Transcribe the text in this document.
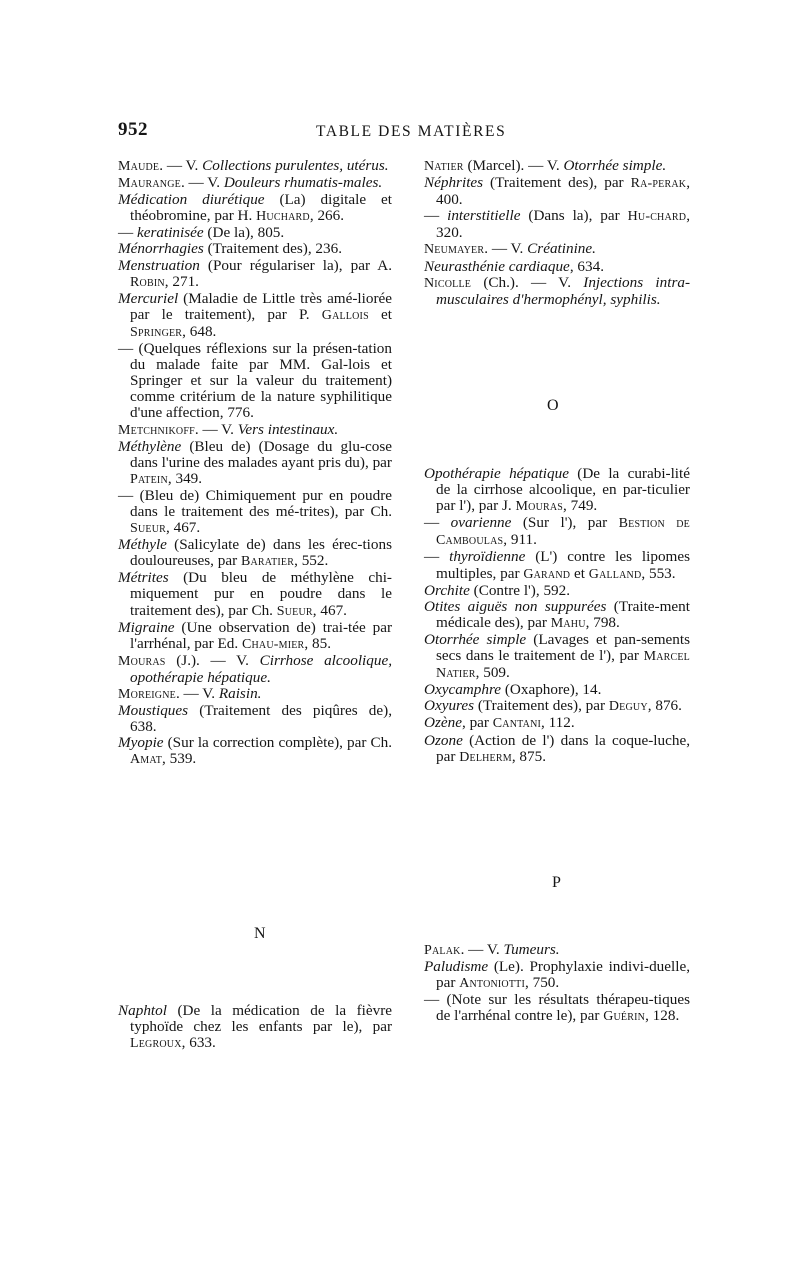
952	TABLE DES MATIÈRES

Maude. — V. Collections purulentes, utérus.

Maurange. — V. Douleurs rhumatis-males.

Médication diurétique (La) digitale et théobromine, par H. Huchard, 266.

— keratinisée (De la), 805.

Ménorrhagies (Traitement des), 236.

Menstruation (Pour régulariser la), par A. Robin, 271.

Mercuriel (Maladie de Little très amé-liorée par le traitement), par P. Gallois et Springer, 648.

— (Quelques réflexions sur la présen-tation du malade faite par MM. Gal-lois et Springer et sur la valeur du traitement) comme critérium de la nature syphilitique d'une affection, 776.

Metchnikoff. — V. Vers intestinaux.

Méthylène (Bleu de) (Dosage du glu-cose dans l'urine des malades ayant pris du), par Patein, 349.

— (Bleu de) Chimiquement pur en poudre dans le traitement des mé-trites), par Ch. Sueur, 467.

Méthyle (Salicylate de) dans les érec-tions douloureuses, par Baratier, 552.

Métrites (Du bleu de méthylène chi-miquement pur en poudre dans le traitement des), par Ch. Sueur, 467.

Migraine (Une observation de) trai-tée par l'arrhénal, par Ed. Chau-mier, 85.

Mouras (J.). — V. Cirrhose alcoolique, opothérapie hépatique.

Moreigne. — V. Raisin.

Moustiques (Traitement des piqûres de), 638.

Myopie (Sur la correction complète), par Ch. Amat, 539.

N

Naphtol (De la médication de la fièvre typhoïde chez les enfants par le), par Legroux, 633.

Natier (Marcel). — V. Otorrhée simple.

Néphrites (Traitement des), par Ra-perak, 400.

— interstitielle (Dans la), par Hu-chard, 320.

Neumayer. — V. Créatinine.

Neurasthénie cardiaque, 634.

Nicolle (Ch.). — V. Injections intra-musculaires d'hermophényl, syphilis.

O

Opothérapie hépatique (De la curabi-lité de la cirrhose alcoolique, en par-ticulier par l'), par J. Mouras, 749.

— ovarienne (Sur l'), par Bestion de Camboulas, 911.

— thyroïdienne (L') contre les lipomes multiples, par Garand et Galland, 553.

Orchite (Contre l'), 592.

Otites aiguës non suppurées (Traite-ment médicale des), par Mahu, 798.

Otorrhée simple (Lavages et pan-sements secs dans le traitement de l'), par Marcel Natier, 509.

Oxycamphre (Oxaphore), 14.

Oxyures (Traitement des), par Deguy, 876.

Ozène, par Cantani, 112.

Ozone (Action de l') dans la coque-luche, par Delherm, 875.

P

Palak. — V. Tumeurs.

Paludisme (Le). Prophylaxie indivi-duelle, par Antoniotti, 750.

— (Note sur les résultats thérapeu-tiques de l'arrhénal contre le), par Guérin, 128.
